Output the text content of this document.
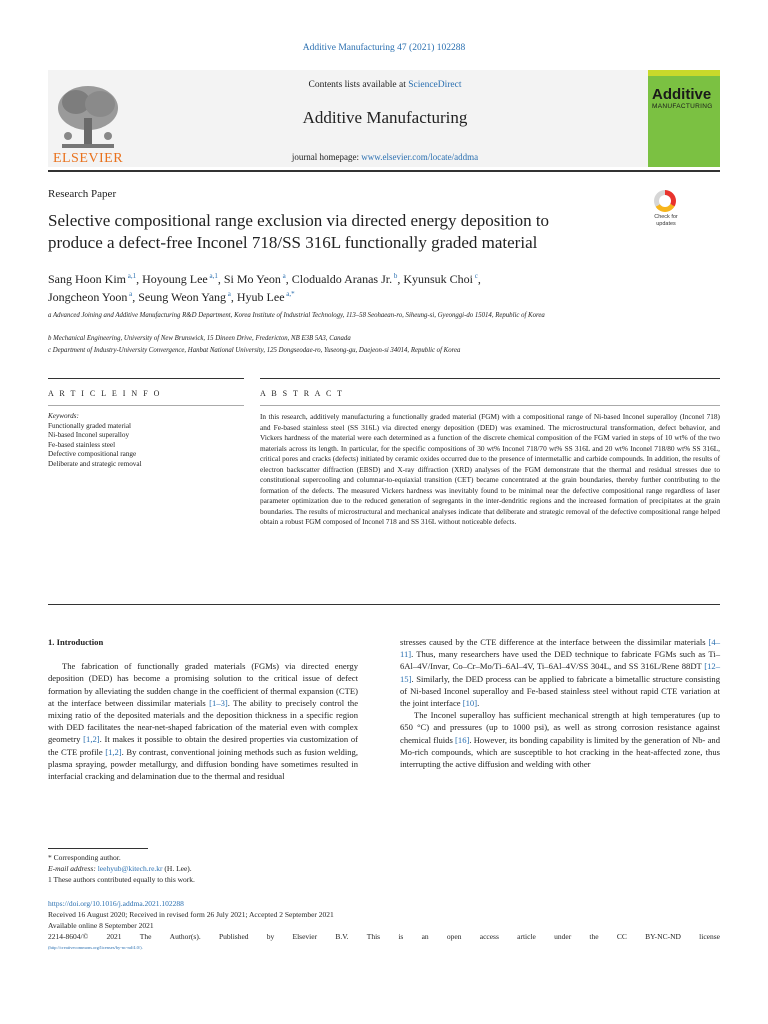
Additive Manufacturing 47 (2021) 102288
ELSEVIER
Contents lists available at ScienceDirect
Additive Manufacturing
journal homepage: www.elsevier.com/locate/addma
Additive
MANUFACTURING
Research Paper
Selective compositional range exclusion via directed energy deposition to
produce a defect-free Inconel 718/SS 316L functionally graded material
Check for
updates
Sang Hoon Kim $^{a,1}$, Hoyoung Lee $^{a,1}$, Si Mo Yeon $^a$, Clodualdo Aranas Jr. $^b$, Kyunsuk Choi $^c$,
Jongcheon Yoon $^a$, Seung Weon Yang $^a$, Hyub Lee $^{a,*}$
a Advanced Joining and Additive Manufacturing R&D Department, Korea Institute of Industrial Technology, 113–58 Seohaean-ro, Siheung-si, Gyeonggi-do 15014, Republic of Korea
b Mechanical Engineering, University of New Brunswick, 15 Dineen Drive, Fredericton, NB E3B 5A3, Canada
c Department of Industry-University Convergence, Hanbat National University, 125 Dongseodae-ro, Yuseong-gu, Daejeon-si 34014, Republic of Korea
A R T I C L E I N F O	A B S T R A C T
Keywords:
Functionally graded material
Ni-based Inconel superalloy
Fe-based stainless steel
Defective compositional range
Deliberate and strategic removal
In this research, additively manufacturing a functionally graded material (FGM) with a compositional range of Ni-based Inconel superalloy (Inconel 718) and Fe-based stainless steel (SS 316L) via directed energy deposition (DED) was examined. The microstructural transformation, defect behavior, and Vickers hardness of the material were each determined as a function of the discrete chemical composition of the FGM varied in steps of 10 wt% of the two materials across its length. In particular, for the specific compositions of 30 wt% Inconel 718/70 wt% SS 316L and 20 wt% Inconel 718/80 wt% SS 316L, critical pores and cracks (defects) initiated by ceramic oxides occurred due to the presence of intermetallic and carbide compounds. In addition, the results of electron backscatter diffraction (EBSD) and X-ray diffraction (XRD) analyses of the FGM demonstrate that the thermal and residual stresses due to constitutional supercooling and columnar-to-equiaxial transition (CET) became concentrated at the grain boundaries, thereby further contributing to the formation of the defects. The measured Vickers hardness was inevitably found to be minimal near the defective compositional range regardless of laser parameter optimization due to the reduced generation of segregants in the inter-dendritic regions and the increased formation of precipitates at the grain boundaries. The results of microstructural and mechanical analyses indicate that deliberate and strategic removal of the defective compositional range helped obtain a robust FGM composed of Inconel 718 and SS 316L without noticeable defects.
1. Introduction
The fabrication of functionally graded materials (FGMs) via directed energy deposition (DED) has become a promising solution to the critical issue of defect formation by alleviating the sudden change in the coefficient of thermal expansion (CTE) at the interface between dissimilar materials [1–3]. The ability to precisely control the mixing ratio of the deposited materials and the deposition thickness in a specific region with DED facilitates the near-net-shaped fabrication of the material even with complex geometry [1,2]. It makes it possible to obtain the desired properties via customization of the CTE profile [1,2]. By contrast, conventional joining methods such as fusion welding, plasma spraying, powder metallurgy, and diffusion bonding have sometimes resulted in interfacial cracking and delamination due to the thermal and residual
stresses caused by the CTE difference at the interface between the dissimilar materials [4–11]. Thus, many researchers have used the DED technique to fabricate FGMs such as Ti–6Al–4V/Invar, Co–Cr–Mo/Ti–6Al–4V, Ti–6Al–4V/SS 304L, and SS 316L/Rene 88DT [12–15]. Similarly, the DED process can be applied to fabricate a bimetallic structure consisting of Ni-based Inconel superalloy and Fe-based stainless steel without rapid CTE variation at the joint interface [10].
The Inconel superalloy has sufficient mechanical strength at high temperatures (up to 650 °C) and pressures (up to 1000 psi), as well as strong corrosion resistance against chemical fluids [16]. However, its bonding capability is limited by the generation of Nb- and Mo-rich compounds, which are susceptible to hot cracking in the heat-affected zone, thus interrupting the active diffusion and welding with other
* Corresponding author.
E-mail address: leehyub@kitech.re.kr (H. Lee).
1 These authors contributed equally to this work.
https://doi.org/10.1016/j.addma.2021.102288
Received 16 August 2020; Received in revised form 26 July 2021; Accepted 2 September 2021
Available online 8 September 2021
2214-8604/© 2021 The Author(s). Published by Elsevier B.V. This is an open access article under the CC BY-NC-ND license
(http://creativecommons.org/licenses/by-nc-nd/4.0/).
